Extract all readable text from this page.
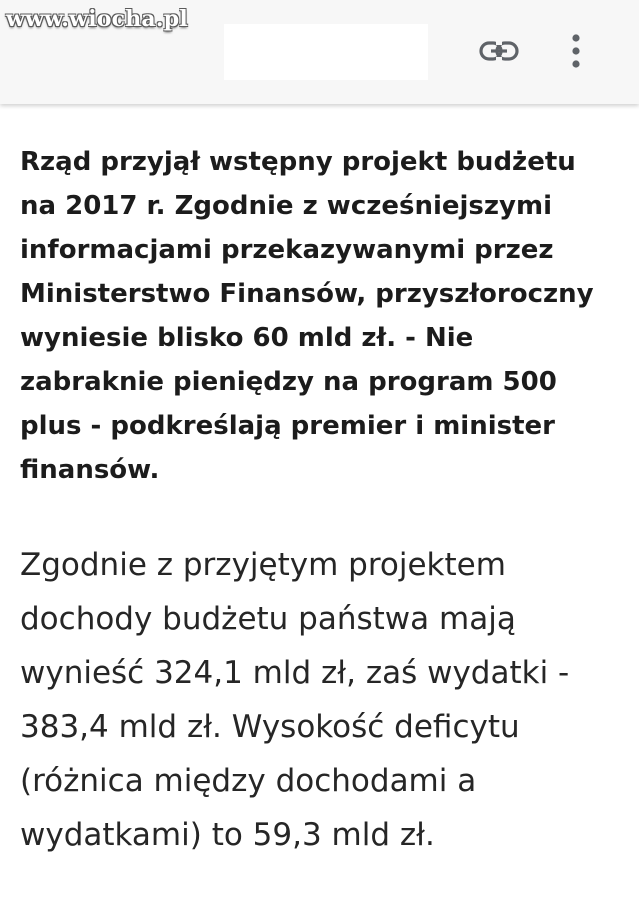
www.wiocha.pl

Rząd przyjął wstępny projekt budżetu na 2017 r. Zgodnie z wcześniejszymi informacjami przekazywanymi przez Ministerstwo Finansów, przyszłoroczny wyniesie blisko 60 mld zł. - Nie zabraknie pieniędzy na program 500 plus - podkreślają premier i minister finansów.

Zgodnie z przyjętym projektem dochody budżetu państwa mają wynieść 324,1 mld zł, zaś wydatki - 383,4 mld zł. Wysokość deficytu (różnica między dochodami a wydatkami) to 59,3 mld zł.
